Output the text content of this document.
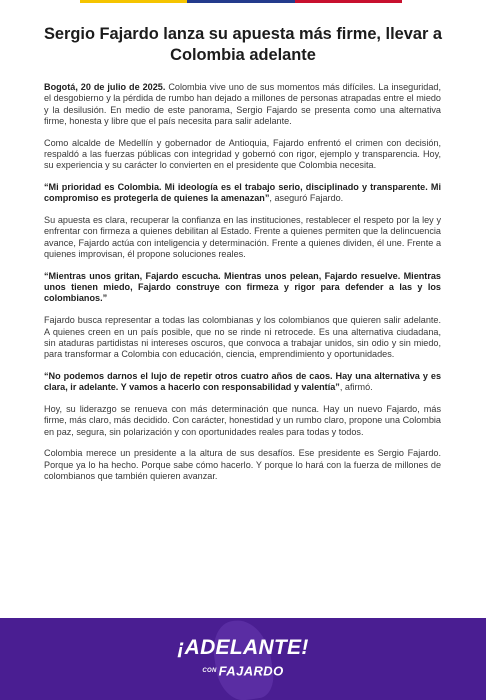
Sergio Fajardo lanza su apuesta más firme, llevar a Colombia adelante

Bogotá, 20 de julio de 2025. Colombia vive uno de sus momentos más difíciles. La inseguridad, el desgobierno y la pérdida de rumbo han dejado a millones de personas atrapadas entre el miedo y la desilusión. En medio de este panorama, Sergio Fajardo se presenta como una alternativa firme, honesta y libre que el país necesita para salir adelante.

Como alcalde de Medellín y gobernador de Antioquia, Fajardo enfrentó el crimen con decisión, respaldó a las fuerzas públicas con integridad y gobernó con rigor, ejemplo y transparencia. Hoy, su experiencia y su carácter lo convierten en el presidente que Colombia necesita.

“Mi prioridad es Colombia. Mi ideología es el trabajo serio, disciplinado y transparente. Mi compromiso es protegerla de quienes la amenazan”, aseguró Fajardo.

Su apuesta es clara, recuperar la confianza en las instituciones, restablecer el respeto por la ley y enfrentar con firmeza a quienes debilitan al Estado. Frente a quienes permiten que la delincuencia avance, Fajardo actúa con inteligencia y determinación. Frente a quienes dividen, él une. Frente a quienes improvisan, él propone soluciones reales.

“Mientras unos gritan, Fajardo escucha. Mientras unos pelean, Fajardo resuelve. Mientras unos tienen miedo, Fajardo construye con firmeza y rigor para defender a las y los colombianos.”

Fajardo busca representar a todas las colombianas y los colombianos que quieren salir adelante. A quienes creen en un país posible, que no se rinde ni retrocede. Es una alternativa ciudadana, sin ataduras partidistas ni intereses oscuros, que convoca a trabajar unidos, sin odio y sin miedo, para transformar a Colombia con educación, ciencia, emprendimiento y oportunidades.

“No podemos darnos el lujo de repetir otros cuatro años de caos. Hay una alternativa y es clara, ir adelante. Y vamos a hacerlo con responsabilidad y valentía”, afirmó.

Hoy, su liderazgo se renueva con más determinación que nunca. Hay un nuevo Fajardo, más firme, más claro, más decidido. Con carácter, honestidad y un rumbo claro, propone una Colombia en paz, segura, sin polarización y con oportunidades reales para todas y todos.

Colombia merece un presidente a la altura de sus desafíos. Ese presidente es Sergio Fajardo. Porque ya lo ha hecho. Porque sabe cómo hacerlo. Y porque lo hará con la fuerza de millones de colombianos que también quieren avanzar.

¡ADELANTE!
CON FAJARDO
